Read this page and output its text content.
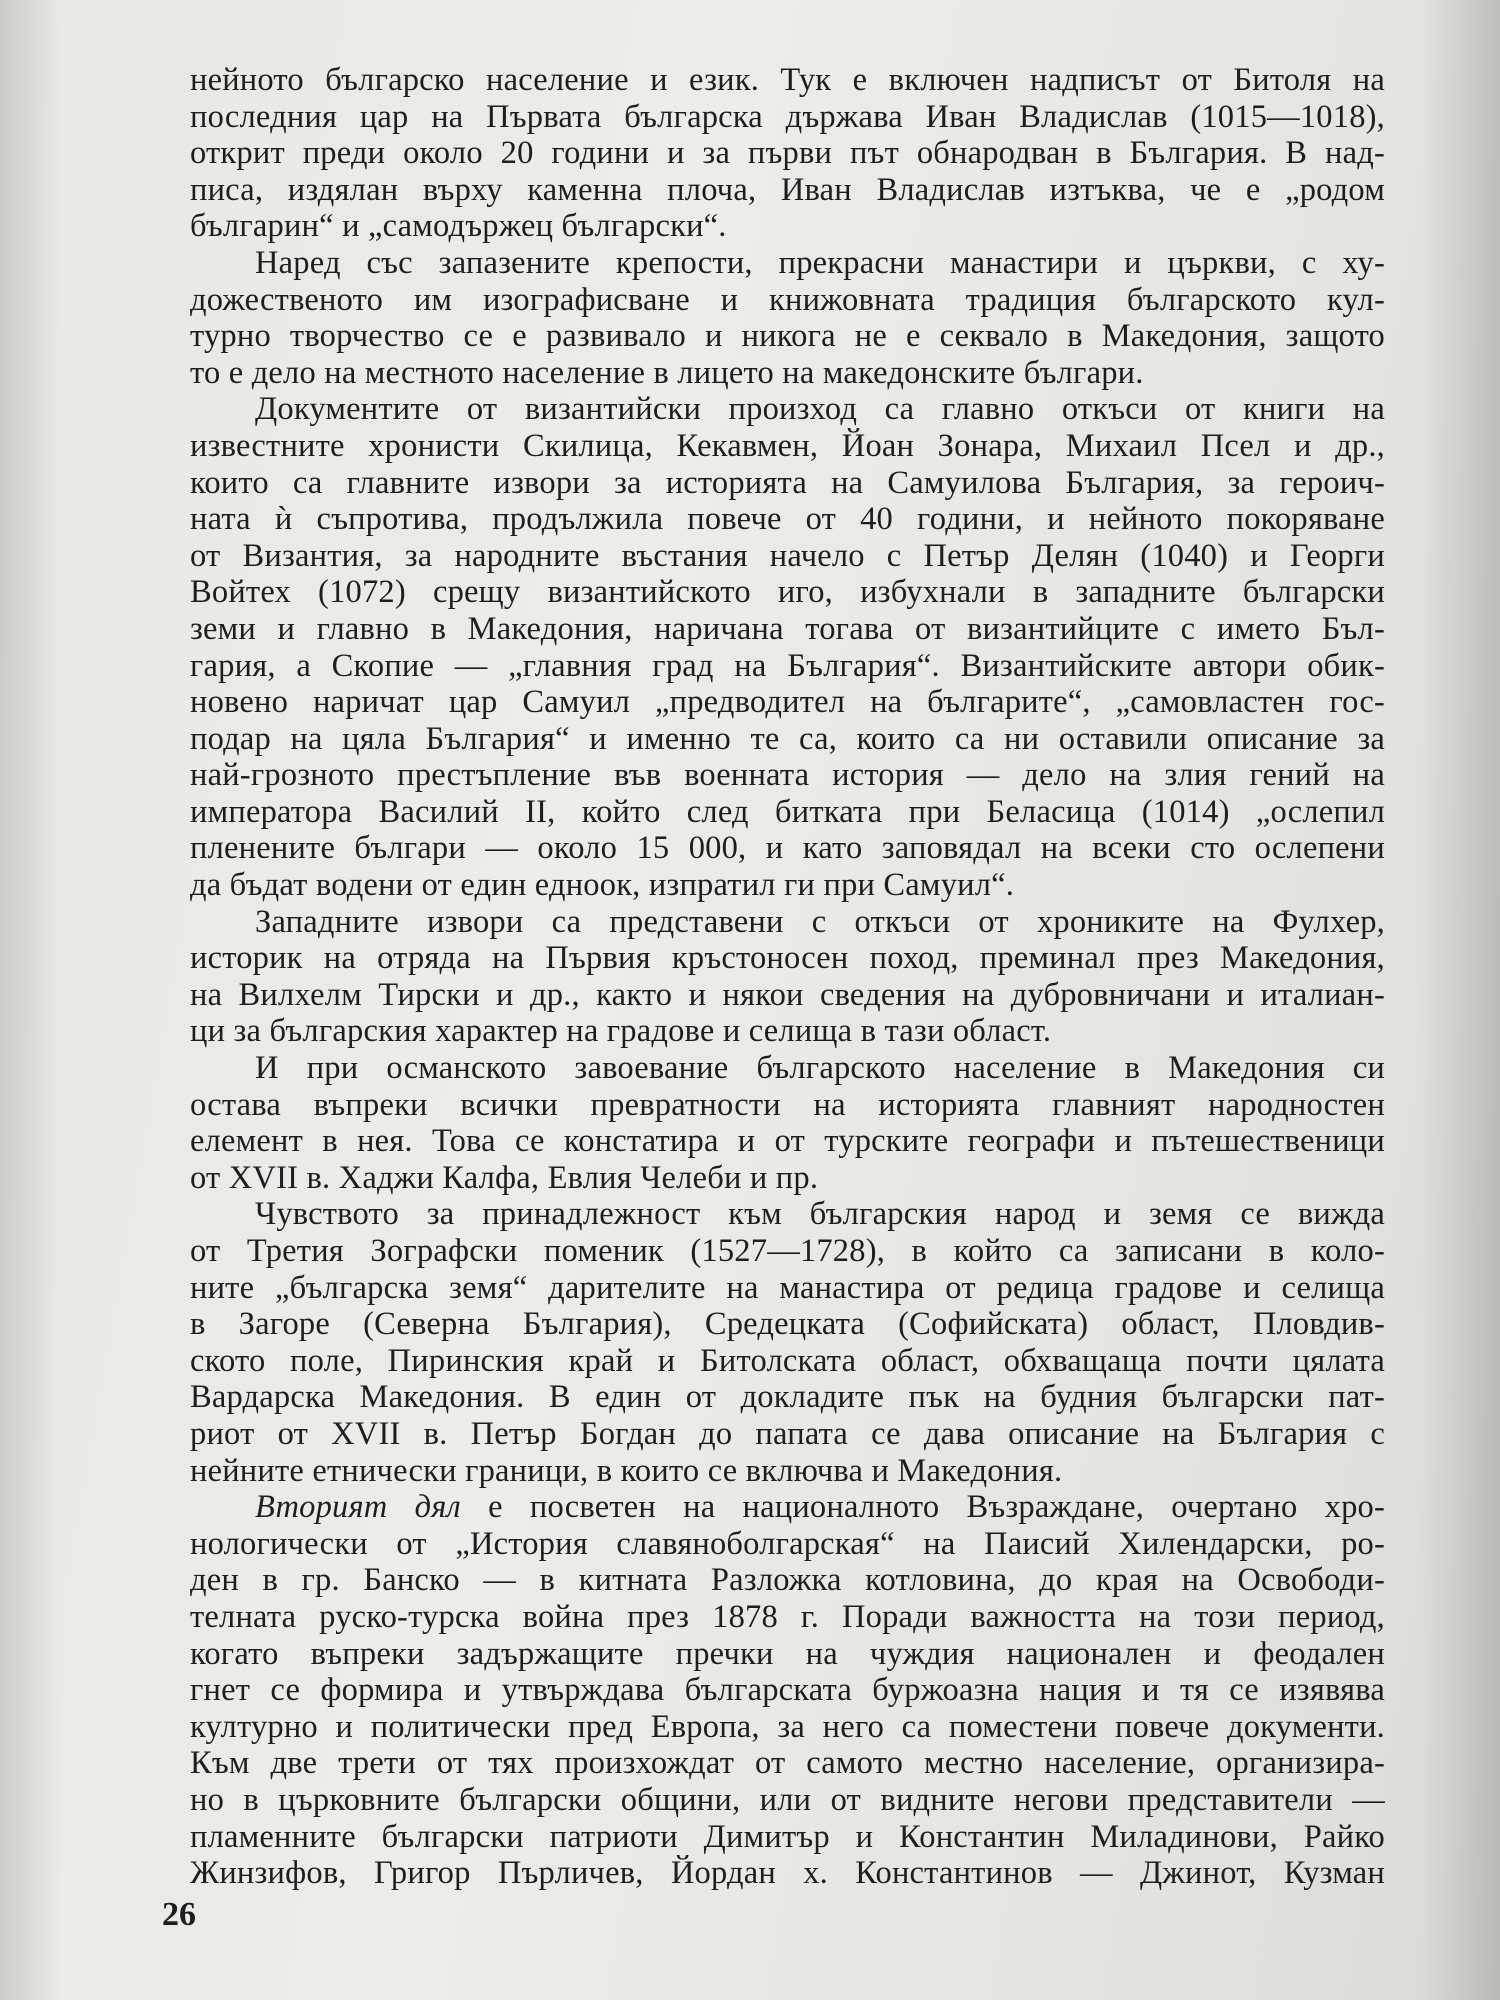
нейното българско население и език. Тук е включен надписът от Битоля на
последния цар на Първата българска държава Иван Владислав (1015—1018),
открит преди около 20 години и за първи път обнародван в България. В над-
писа, издялан върху каменна плоча, Иван Владислав изтъква, че е „родом
българин“ и „самодържец български“.
Наред със запазените крепости, прекрасни манастири и църкви, с ху-
дожественото им изографисване и книжовната традиция българското кул-
турно творчество се е развивало и никога не е секвало в Македония, защото
то е дело на местното население в лицето на македонските българи.
Документите от византийски произход са главно откъси от книги на
известните хронисти Скилица, Кекавмен, Йоан Зонара, Михаил Псел и др.,
които са главните извори за историята на Самуилова България, за героич-
ната ѝ съпротива, продължила повече от 40 години, и нейното покоряване
от Византия, за народните въстания начело с Петър Делян (1040) и Георги
Войтех (1072) срещу византийското иго, избухнали в западните български
земи и главно в Македония, наричана тогава от византийците с името Бъл-
гария, а Скопие — „главния град на България“. Византийските автори обик-
новено наричат цар Самуил „предводител на българите“, „самовластен гос-
подар на цяла България“ и именно те са, които са ни оставили описание за
най-грозното престъпление във военната история — дело на злия гений на
императора Василий II, който след битката при Беласица (1014) „ослепил
пленените българи — около 15 000, и като заповядал на всеки сто ослепени
да бъдат водени от един едноок, изпратил ги при Самуил“.
Западните извори са представени с откъси от хрониките на Фулхер,
историк на отряда на Първия кръстоносен поход, преминал през Македония,
на Вилхелм Тирски и др., както и някои сведения на дубровничани и италиан-
ци за българския характер на градове и селища в тази област.
И при османското завоевание българското население в Македония си
остава въпреки всички превратности на историята главният народностен
елемент в нея. Това се констатира и от турските географи и пътешественици
от XVII в. Хаджи Калфа, Евлия Челеби и пр.
Чувството за принадлежност към българския народ и земя се вижда
от Третия Зографски поменик (1527—1728), в който са записани в коло-
ните „българска земя“ дарителите на манастира от редица градове и селища
в Загоре (Северна България), Средецката (Софийската) област, Пловдив-
ското поле, Пиринския край и Битолската област, обхващаща почти цялата
Вардарска Македония. В един от докладите пък на будния български пат-
риот от XVII в. Петър Богдан до папата се дава описание на България с
нейните етнически граници, в които се включва и Македония.
Вторият дял е посветен на националното Възраждане, очертано хро-
нологически от „История славяноболгарская“ на Паисий Хилендарски, ро-
ден в гр. Банско — в китната Разложка котловина, до края на Освободи-
телната руско-турска война през 1878 г. Поради важността на този период,
когато въпреки задържащите пречки на чуждия национален и феодален
гнет се формира и утвърждава българската буржоазна нация и тя се изявява
културно и политически пред Европа, за него са поместени повече документи.
Към две трети от тях произхождат от самото местно население, организира-
но в църковните български общини, или от видните негови представители —
пламенните български патриоти Димитър и Константин Миладинови, Райко
Жинзифов, Григор Пърличев, Йордан х. Константинов — Джинот, Кузман
26
